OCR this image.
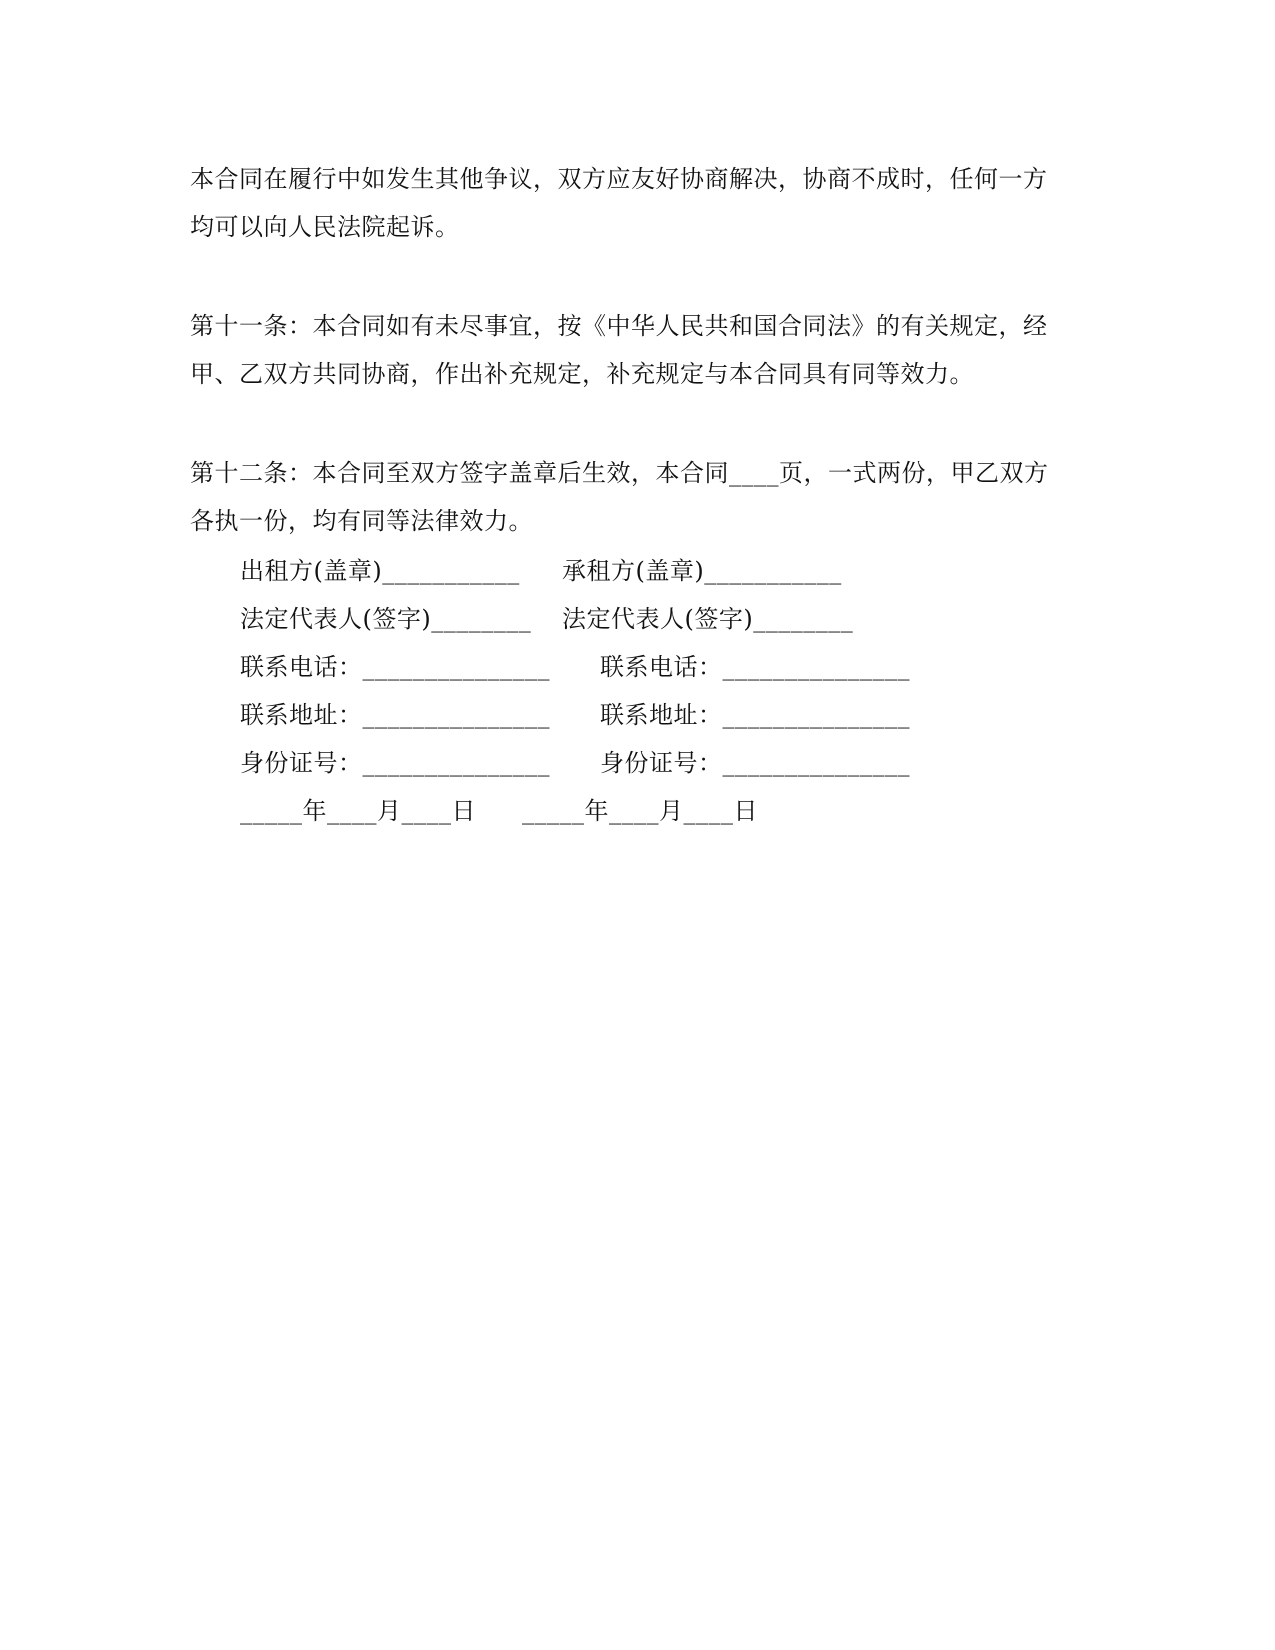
本合同在履行中如发生其他争议，双方应友好协商解决，协商不成时，任何一方
均可以向人民法院起诉。

第十一条：本合同如有未尽事宜，按《中华人民共和国合同法》的有关规定，经
甲、乙双方共同协商，作出补充规定，补充规定与本合同具有同等效力。

第十二条：本合同至双方签字盖章后生效，本合同____页，一式两份，甲乙双方
各执一份，均有同等法律效力。

出租方(盖章)___________ 承租方(盖章)___________
法定代表人(签字)________ 法定代表人(签字)________
联系电话：_______________ 联系电话：_______________
联系地址：_______________ 联系地址：_______________
身份证号：_______________ 身份证号：_______________
_____年____月____日 _____年____月____日
